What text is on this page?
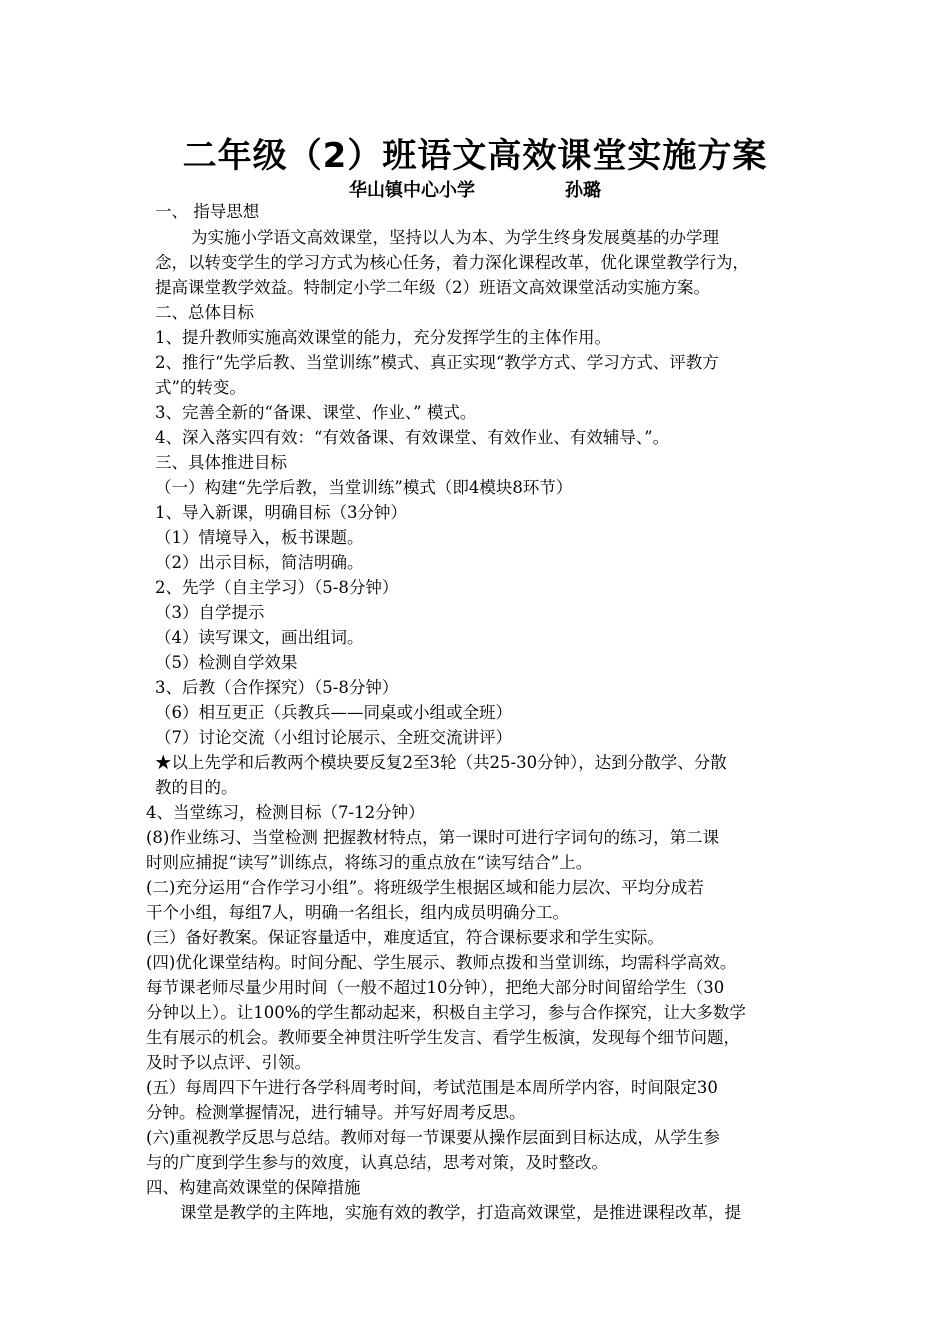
二年级（2）班语文高效课堂实施方案
华山镇中心小学	孙璐
一、 指导思想
为实施小学语文高效课堂，坚持以人为本、为学生终身发展奠基的办学理
念，以转变学生的学习方式为核心任务，着力深化课程改革，优化课堂教学行为，
提高课堂教学效益。特制定小学二年级（2）班语文高效课堂活动实施方案。
二、总体目标
1、提升教师实施高效课堂的能力，充分发挥学生的主体作用。
2、推行“先学后教、当堂训练”模式、真正实现“教学方式、学习方式、评教方
式”的转变。
3、完善全新的“备课、课堂、作业、” 模式。
4、深入落实四有效：“有效备课、有效课堂、有效作业、有效辅导、”。
三、具体推进目标
（一）构建“先学后教，当堂训练”模式（即4模块8环节）
1、导入新课，明确目标（3分钟）
（1）情境导入，板书课题。
（2）出示目标，简洁明确。
2、先学（自主学习）（5-8分钟）
（3）自学提示
（4）读写课文，画出组词。
（5）检测自学效果
3、后教（合作探究）（5-8分钟）
（6）相互更正（兵教兵——同桌或小组或全班）
（7）讨论交流（小组讨论展示、全班交流讲评）
★以上先学和后教两个模块要反复2至3轮（共25-30分钟），达到分散学、分散
教的目的。
4、当堂练习，检测目标（7-12分钟）
(8)作业练习、当堂检测 把握教材特点，第一课时可进行字词句的练习，第二课
时则应捕捉“读写”训练点，将练习的重点放在“读写结合”上。
(二)充分运用“合作学习小组”。将班级学生根据区域和能力层次、平均分成若
干个小组，每组7人，明确一名组长，组内成员明确分工。
(三）备好教案。保证容量适中，难度适宜，符合课标要求和学生实际。
(四)优化课堂结构。时间分配、学生展示、教师点拨和当堂训练，均需科学高效。
每节课老师尽量少用时间（一般不超过10分钟），把绝大部分时间留给学生（30
分钟以上）。让100%的学生都动起来，积极自主学习，参与合作探究，让大多数学
生有展示的机会。教师要全神贯注听学生发言、看学生板演，发现每个细节问题，
及时予以点评、引领。
(五）每周四下午进行各学科周考时间，考试范围是本周所学内容，时间限定30
分钟。检测掌握情况，进行辅导。并写好周考反思。
(六)重视教学反思与总结。教师对每一节课要从操作层面到目标达成，从学生参
与的广度到学生参与的效度，认真总结，思考对策，及时整改。
四、构建高效课堂的保障措施
课堂是教学的主阵地，实施有效的教学，打造高效课堂，是推进课程改革，提
